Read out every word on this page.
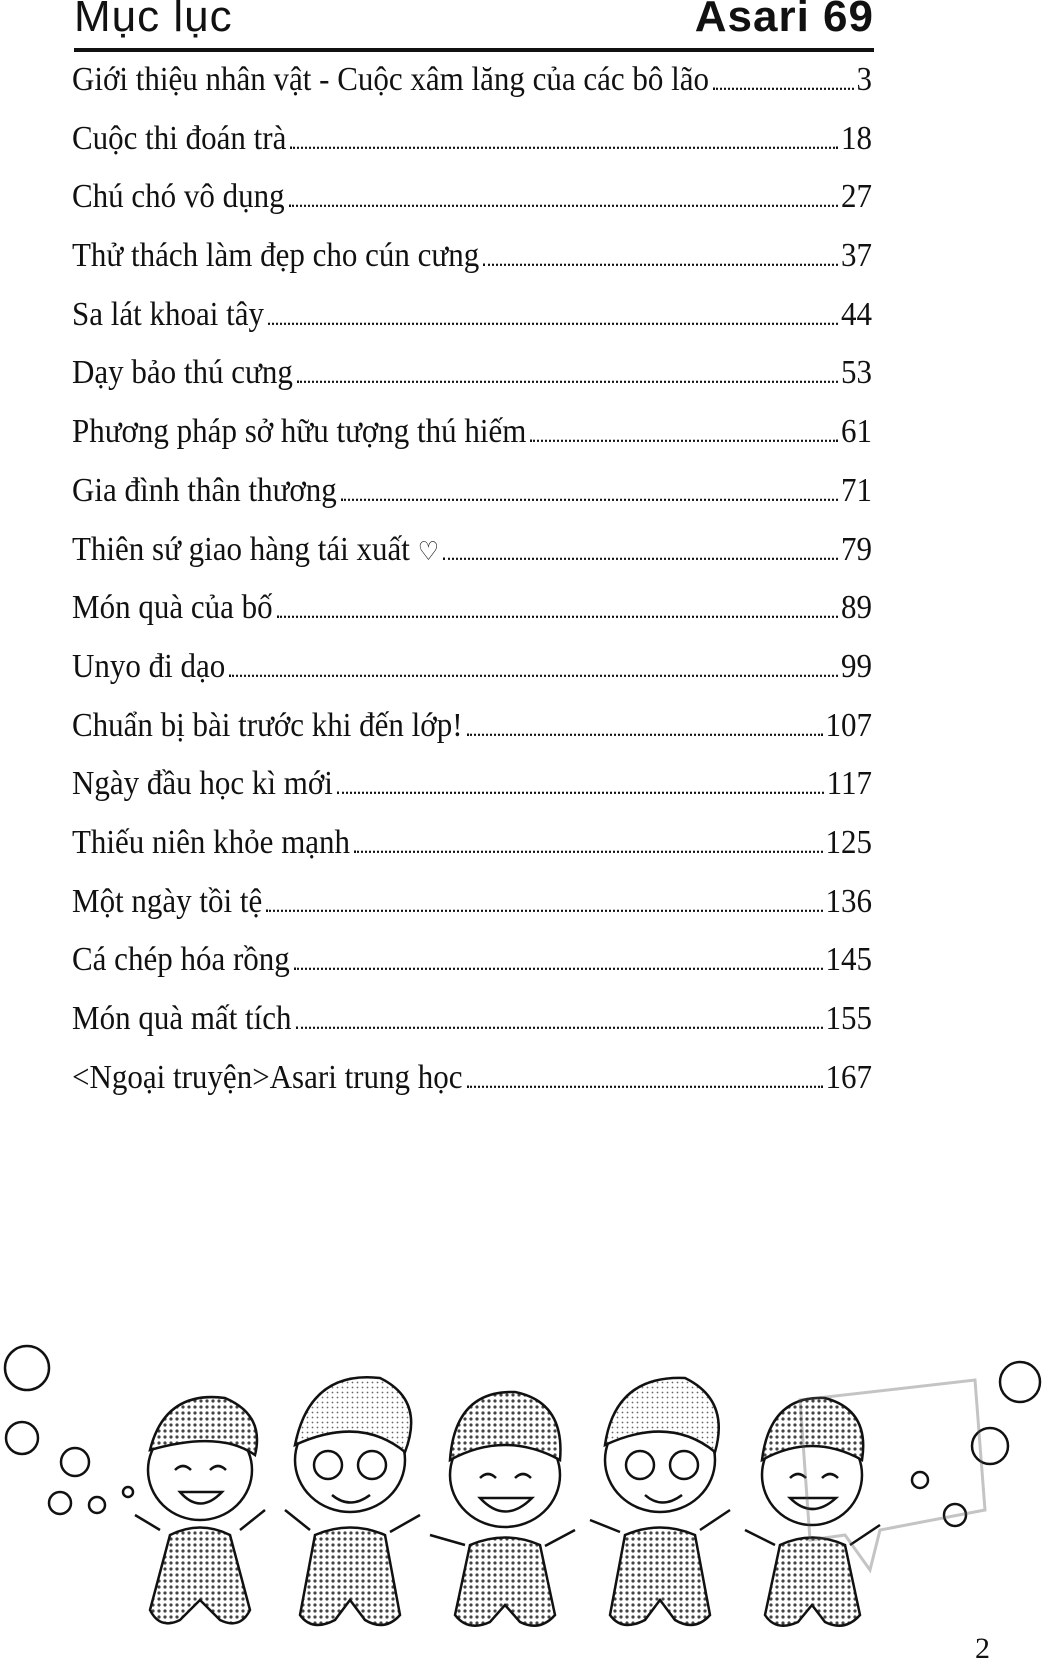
Mục lục	Asari 69
Giới thiệu nhân vật - Cuộc xâm lăng của các bô lão	3
Cuộc thi đoán trà	18
Chú chó vô dụng	27
Thử thách làm đẹp cho cún cưng	37
Sa lát khoai tây	44
Dạy bảo thú cưng	53
Phương pháp sở hữu tượng thú hiếm	61
Gia đình thân thương	71
Thiên sứ giao hàng tái xuất ♡	79
Món quà của bố	89
Unyo đi dạo	99
Chuẩn bị bài trước khi đến lớp!	107
Ngày đầu học kì mới	117
Thiếu niên khỏe mạnh	125
Một ngày tồi tệ	136
Cá chép hóa rồng	145
Món quà mất tích	155
<Ngoại truyện>Asari trung học	167
2
